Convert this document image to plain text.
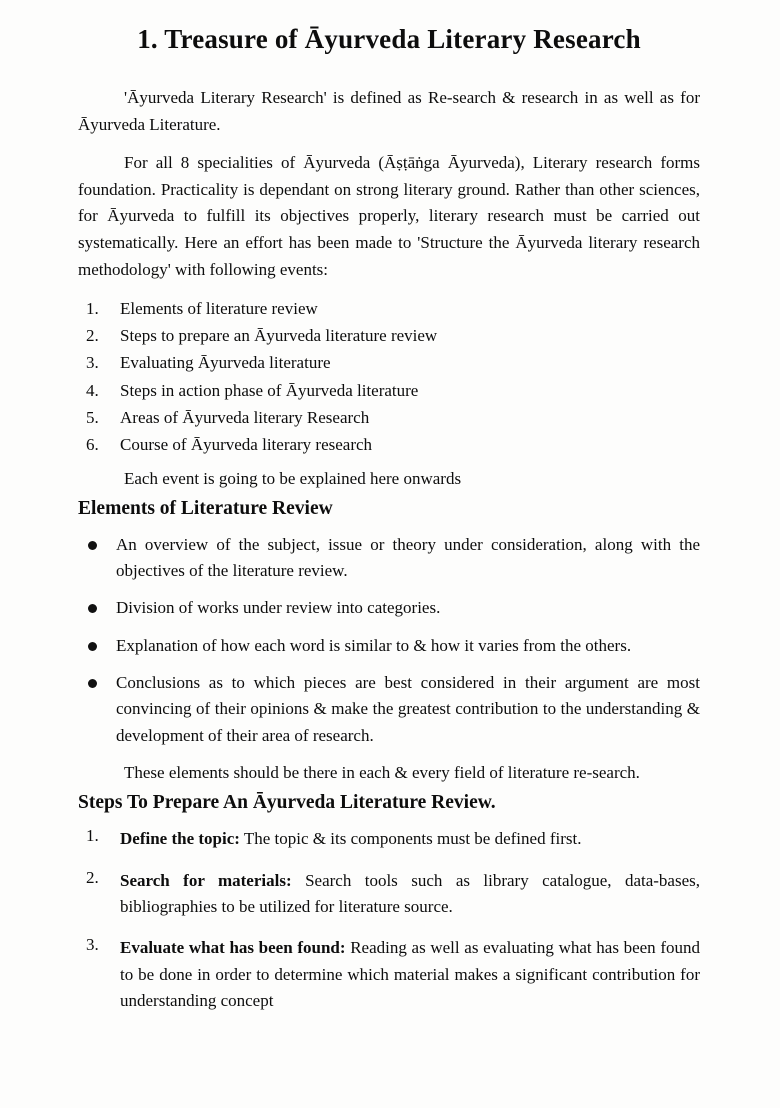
1. Treasure of Āyurveda Literary Research

'Āyurveda Literary Research' is defined as Re-search & research in as well as for Āyurveda Literature.

For all 8 specialities of Āyurveda (Āṣṭāṅga Āyurveda), Literary research forms foundation. Practicality is dependant on strong literary ground. Rather than other sciences, for Āyurveda to fulfill its objectives properly, literary research must be carried out systematically. Here an effort has been made to 'Structure the Āyurveda literary research methodology' with following events:

1.	Elements of literature review
2.	Steps to prepare an Āyurveda literature review
3.	Evaluating Āyurveda literature
4.	Steps in action phase of Āyurveda literature
5.	Areas of Āyurveda literary Research
6.	Course of Āyurveda literary research

Each event is going to be explained here onwards

Elements of Literature Review
An overview of the subject, issue or theory under consideration, along with the objectives of the literature review.
Division of works under review into categories.
Explanation of how each word is similar to & how it varies from the others.
Conclusions as to which pieces are best considered in their argument are most convincing of their opinions & make the greatest contribution to the understanding & development of their area of research.

These elements should be there in each & every field of literature re-search.

Steps To Prepare An Āyurveda Literature Review.
1.	Define the topic: The topic & its components must be defined first.
2.	Search for materials: Search tools such as library catalogue, data-bases, bibliographies to be utilized for literature source.
3.	Evaluate what has been found: Reading as well as evaluating what has been found to be done in order to determine which material makes a significant contribution for understanding concept
